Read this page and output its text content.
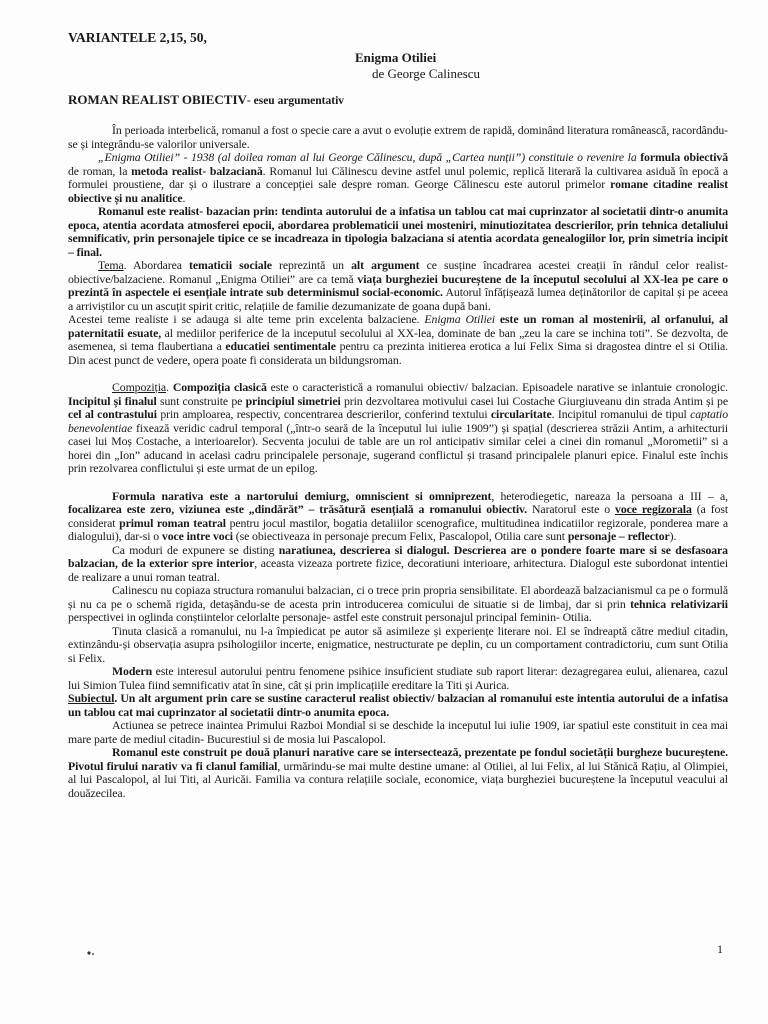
VARIANTELE 2,15, 50,
Enigma Otiliei
de George Calinescu
ROMAN REALIST OBIECTIV- eseu argumentativ

În perioada interbelică, romanul a fost o specie care a avut o evoluție extrem de rapidă, dominând literatura românească, racordându-se și integrându-se valorilor universale.

„Enigma Otiliei” - 1938 (al doilea roman al lui George Călinescu, după „Cartea nunții”) constituie o revenire la formula obiectivă de roman, la metoda realist- balzaciană. Romanul lui Călinescu devine astfel unul polemic, replică literară la cultivarea asiduă în epocă a formulei proustiene, dar și o ilustrare a concepției sale despre roman. George Călinescu este autorul primelor romane citadine realist obiective și nu analitice.

Romanul este realist- bazacian prin: tendinta autorului de a infatisa un tablou cat mai cuprinzator al societatii dintr-o anumita epoca, atentia acordata atmosferei epocii, abordarea problematicii unei mosteniri, minutiozitatea descrierilor, prin tehnica detaliului semnificativ, prin personajele tipice ce se incadreaza in tipologia balzaciana si atentia acordata genealogiilor lor, prin simetria incipit – final.

Tema. Abordarea tematicii sociale reprezintă un alt argument ce susține încadrarea acestei creații în rândul celor realist-obiective/balzaciene. Romanul „Enigma Otiliei” are ca temă viața burgheziei bucureștene de la începutul secolului al XX-lea pe care o prezintă în aspectele ei esențiale intrate sub determinismul social-economic. Autorul înfățișează lumea deținătorilor de capital și pe aceea a arriviștilor cu un ascuțit spirit critic, relațiile de familie dezumanizate de goana după bani.

Acestei teme realiste i se adauga si alte teme prin excelenta balzaciene. Enigma Otiliei este un roman al mostenirii, al orfanului, al paternitatii esuate, al mediilor periferice de la inceputul secolului al XX-lea, dominate de ban „zeu la care se inchina toti”. Se dezvolta, de asemenea, si tema flaubertiana a educatiei sentimentale pentru ca prezinta initierea erotica a lui Felix Sima si dragostea dintre el si Otilia. Din acest punct de vedere, opera poate fi considerata un bildungsroman.

Compoziția. Compoziția clasică este o caracteristică a romanului obiectiv/ balzacian. Episoadele narative se inlantuie cronologic. Incipitul și finalul sunt construite pe principiul simetriei prin dezvoltarea motivului casei lui Costache Giurgiuveanu din strada Antim și pe cel al contrastului prin amploarea, respectiv, concentrarea descrierilor, conferind textului circularitate. Incipitul romanului de tipul captatio benevolentiae fixează veridic cadrul temporal („într-o seară de la începutul lui iulie 1909”) și spațial (descrierea străzii Antim, a arhitecturii casei lui Moș Costache, a interioarelor). Secventa jocului de table are un rol anticipativ similar celei a cinei din romanul „Morometii” si a horei din „Ion” aducand in acelasi cadru principalele personaje, sugerand conflictul și trasand principalele planuri epice. Finalul este închis prin rezolvarea conflictului și este urmat de un epilog.

Formula narativa este a nartorului demiurg, omniscient si omniprezent, heterodiegetic, nareaza la persoana a III – a, focalizarea este zero, viziunea este „dindărăt” – trăsătură esențială a romanului obiectiv. Naratorul este o voce regizorala (a fost considerat primul roman teatral pentru jocul mastilor, bogatia detaliilor scenografice, multitudinea indicatiilor regizorale, ponderea mare a dialogului), dar-si o voce intre voci (se obiectiveaza in personaje precum Felix, Pascalopol, Otilia care sunt personaje – reflector).

Ca moduri de expunere se disting naratiunea, descrierea si dialogul. Descrierea are o pondere foarte mare si se desfasoara balzacian, de la exterior spre interior, aceasta vizeaza portrete fizice, decoratiuni interioare, arhitectura. Dialogul este subordonat intentiei de realizare a unui roman teatral.

Calinescu nu copiaza structura romanului balzacian, ci o trece prin propria sensibilitate. El abordează balzacianismul ca pe o formulă și nu ca pe o schemă rigida, detașându-se de acesta prin introducerea comicului de situatie si de limbaj, dar si prin tehnica relativizarii perspectivei in oglinda conștiintelor celorlalte personaje- astfel este construit personajul principal feminin- Otilia.

Tinuta clasică a romanului, nu l-a împiedicat pe autor să asimileze și experiențe literare noi. El se îndreaptă către mediul citadin, extinzându-și observația asupra psihologiilor incerte, enigmatice, nestructurate pe deplin, cu un comportament contradictoriu, cum sunt Otilia si Felix.

Modern este interesul autorului pentru fenomene psihice insuficient studiate sub raport literar: dezagregarea eului, alienarea, cazul lui Simion Tulea fiind semnificativ atat în sine, cât și prin implicațiile ereditare la Titi și Aurica.

Subiectul. Un alt argument prin care se sustine caracterul realist obiectiv/ balzacian al romanului este intentia autorului de a infatisa un tablou cat mai cuprinzator al societatii dintr-o anumita epoca.

Actiunea se petrece inaintea Primului Razboi Mondial si se deschide la inceputul lui iulie 1909, iar spatiul este constituit in cea mai mare parte de mediul citadin- Bucurestiul si de mosia lui Pascalopol.

Romanul este construit pe două planuri narative care se intersectează, prezentate pe fondul societății burgheze bucureștene. Pivotul firului narativ va fi clanul familial, urmărindu-se mai multe destine umane: al Otiliei, al lui Felix, al lui Stănică Rațiu, al Olimpiei, al lui Pascalopol, al lui Titi, al Auricăi. Familia va contura relațiile sociale, economice, viața burgheziei bucureștene la începutul veacului al douăzecilea.

1
